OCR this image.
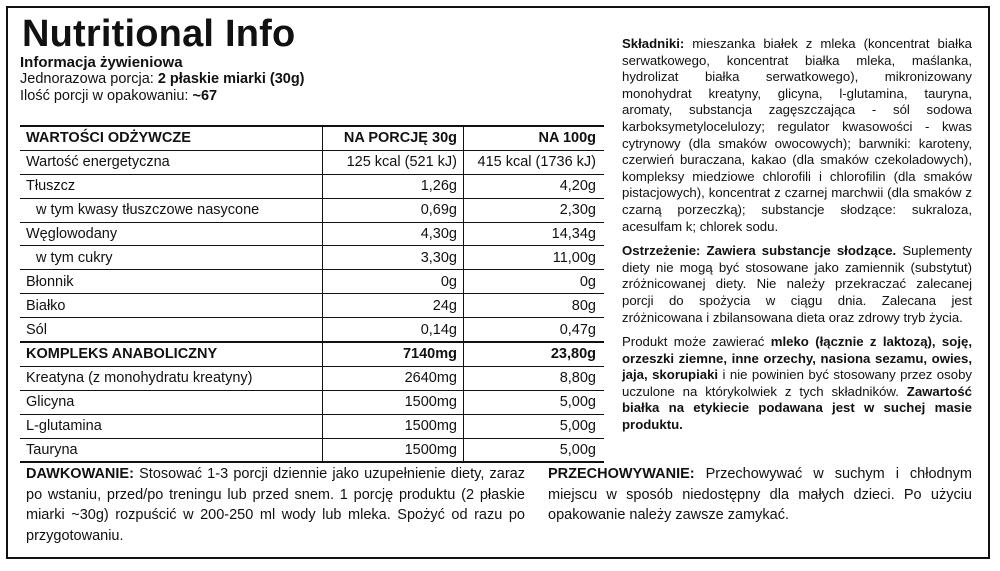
Nutritional Info
Informacja żywieniowa
Jednorazowa porcja: 2 płaskie miarki (30g)
Ilość porcji w opakowaniu: ~67
WARTOŚCI ODŻYWCZE	NA PORCJĘ 30g	NA 100g
Wartość energetyczna	125 kcal (521 kJ)	415 kcal (1736 kJ)
Tłuszcz	1,26g	4,20g
w tym kwasy tłuszczowe nasycone	0,69g	2,30g
Węglowodany	4,30g	14,34g
w tym cukry	3,30g	11,00g
Błonnik	0g	0g
Białko	24g	80g
Sól	0,14g	0,47g
KOMPLEKS ANABOLICZNY	7140mg	23,80g
Kreatyna (z monohydratu kreatyny)	2640mg	8,80g
Glicyna	1500mg	5,00g
L-glutamina	1500mg	5,00g
Tauryna	1500mg	5,00g

Składniki: mieszanka białek z mleka (koncentrat białka serwatkowego, koncentrat białka mleka, maślanka, hydrolizat białka serwatkowego), mikronizowany monohydrat kreatyny, glicyna, l-glutamina, tauryna, aromaty, substancja zagęszczająca - sól sodowa karboksymetylocelulozy; regulator kwasowości - kwas cytrynowy (dla smaków owocowych); barwniki: karoteny, czerwień buraczana, kakao (dla smaków czekoladowych), kompleksy miedziowe chlorofili i chlorofilin (dla smaków pistacjowych), koncentrat z czarnej marchwii (dla smaków z czarną porzeczką); substancje słodzące: sukraloza, acesulfam k; chlorek sodu.

Ostrzeżenie: Zawiera substancje słodzące. Suplementy diety nie mogą być stosowane jako zamiennik (substytut) zróżnicowanej diety. Nie należy przekraczać zalecanej porcji do spożycia w ciągu dnia. Zalecana jest zróżnicowana i zbilansowana dieta oraz zdrowy tryb życia.

Produkt może zawierać mleko (łącznie z laktozą), soję, orzeszki ziemne, inne orzechy, nasiona sezamu, owies, jaja, skorupiaki i nie powinien być stosowany przez osoby uczulone na którykolwiek z tych składników. Zawartość białka na etykiecie podawana jest w suchej masie produktu.

DAWKOWANIE: Stosować 1-3 porcji dziennie jako uzupełnienie diety, zaraz po wstaniu, przed/po treningu lub przed snem. 1 porcję produktu (2 płaskie miarki ~30g) rozpuścić w 200-250 ml wody lub mleka. Spożyć od razu po przygotowaniu.
PRZECHOWYWANIE: Przechowywać w suchym i chłodnym miejscu w sposób niedostępny dla małych dzieci. Po użyciu opakowanie należy zawsze zamykać.
